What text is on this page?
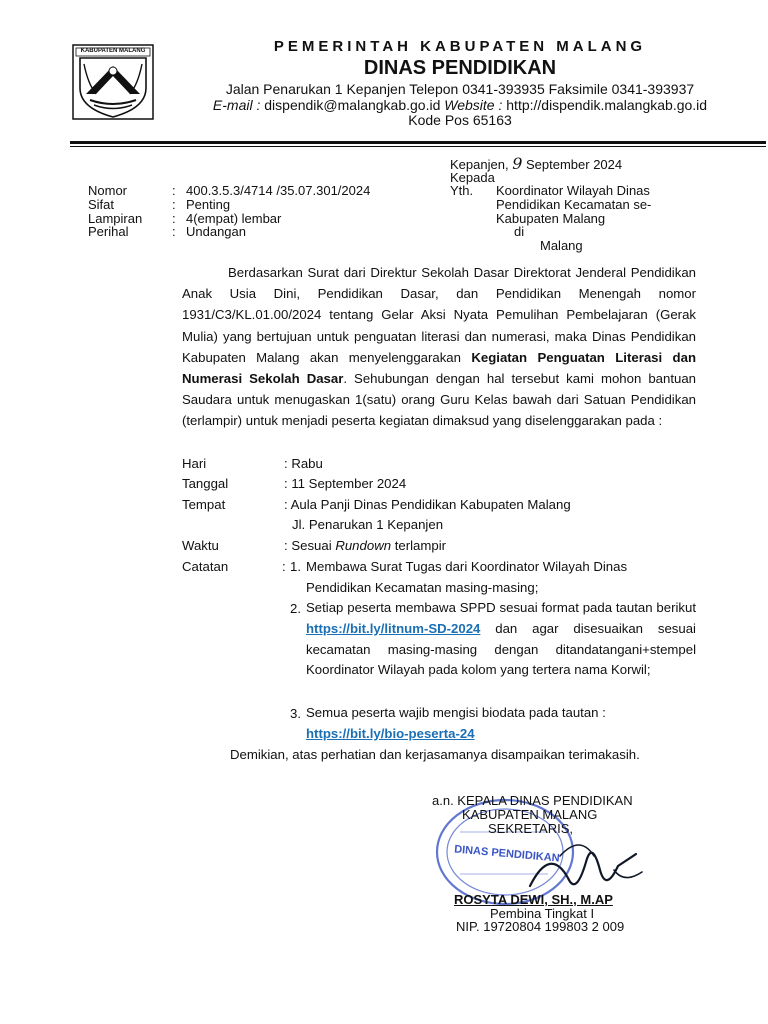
KABUPATEN MALANG	PEMERINTAH KABUPATEN MALANG
DINAS PENDIDIKAN
Jalan Penarukan 1 Kepanjen Telepon 0341-393935 Faksimile 0341-393937
E-mail : dispendik@malangkab.go.id Website : http://dispendik.malangkab.go.id
Kode Pos 65163
Kepanjen, 9 September 2024
Kepada
Yth. Koordinator Wilayah Dinas
Pendidikan Kecamatan se-
Kabupaten Malang
di
Malang
Nomor	: 400.3.5.3/4714 /35.07.301/2024
Sifat	: Penting
Lampiran : 4(empat) lembar
Perihal	: Undangan
Berdasarkan Surat dari Direktur Sekolah Dasar Direktorat Jenderal Pendidikan Anak Usia Dini, Pendidikan Dasar, dan Pendidikan Menengah nomor 1931/C3/KL.01.00/2024 tentang Gelar Aksi Nyata Pemulihan Pembelajaran (Gerak Mulia) yang bertujuan untuk penguatan literasi dan numerasi, maka Dinas Pendidikan Kabupaten Malang akan menyelenggarakan Kegiatan Penguatan Literasi dan Numerasi Sekolah Dasar. Sehubungan dengan hal tersebut kami mohon bantuan Saudara untuk menugaskan 1(satu) orang Guru Kelas bawah dari Satuan Pendidikan (terlampir) untuk menjadi peserta kegiatan dimaksud yang diselenggarakan pada :
Hari	: Rabu
Tanggal	: 11 September 2024
Tempat	: Aula Panji Dinas Pendidikan Kabupaten Malang
Jl. Penarukan 1 Kepanjen
Waktu	: Sesuai Rundown terlampir
Catatan	: 1. Membawa Surat Tugas dari Koordinator Wilayah Dinas
Pendidikan Kecamatan masing-masing;
2. Setiap peserta membawa SPPD sesuai format pada tautan berikut https://bit.ly/litnum-SD-2024 dan agar disesuaikan sesuai kecamatan masing-masing dengan ditandatangani+stempel Koordinator Wilayah pada kolom yang tertera nama Korwil;
3. Semua peserta wajib mengisi biodata pada tautan :
https://bit.ly/bio-peserta-24
Demikian, atas perhatian dan kerjasamanya disampaikan terimakasih.
DINAS PENDIDIKAN
a.n. KEPALA DINAS PENDIDIKAN
KABUPATEN MALANG
SEKRETARIS,
ROSYTA DEWI, SH., M.AP
Pembina Tingkat I
NIP. 19720804 199803 2 009
